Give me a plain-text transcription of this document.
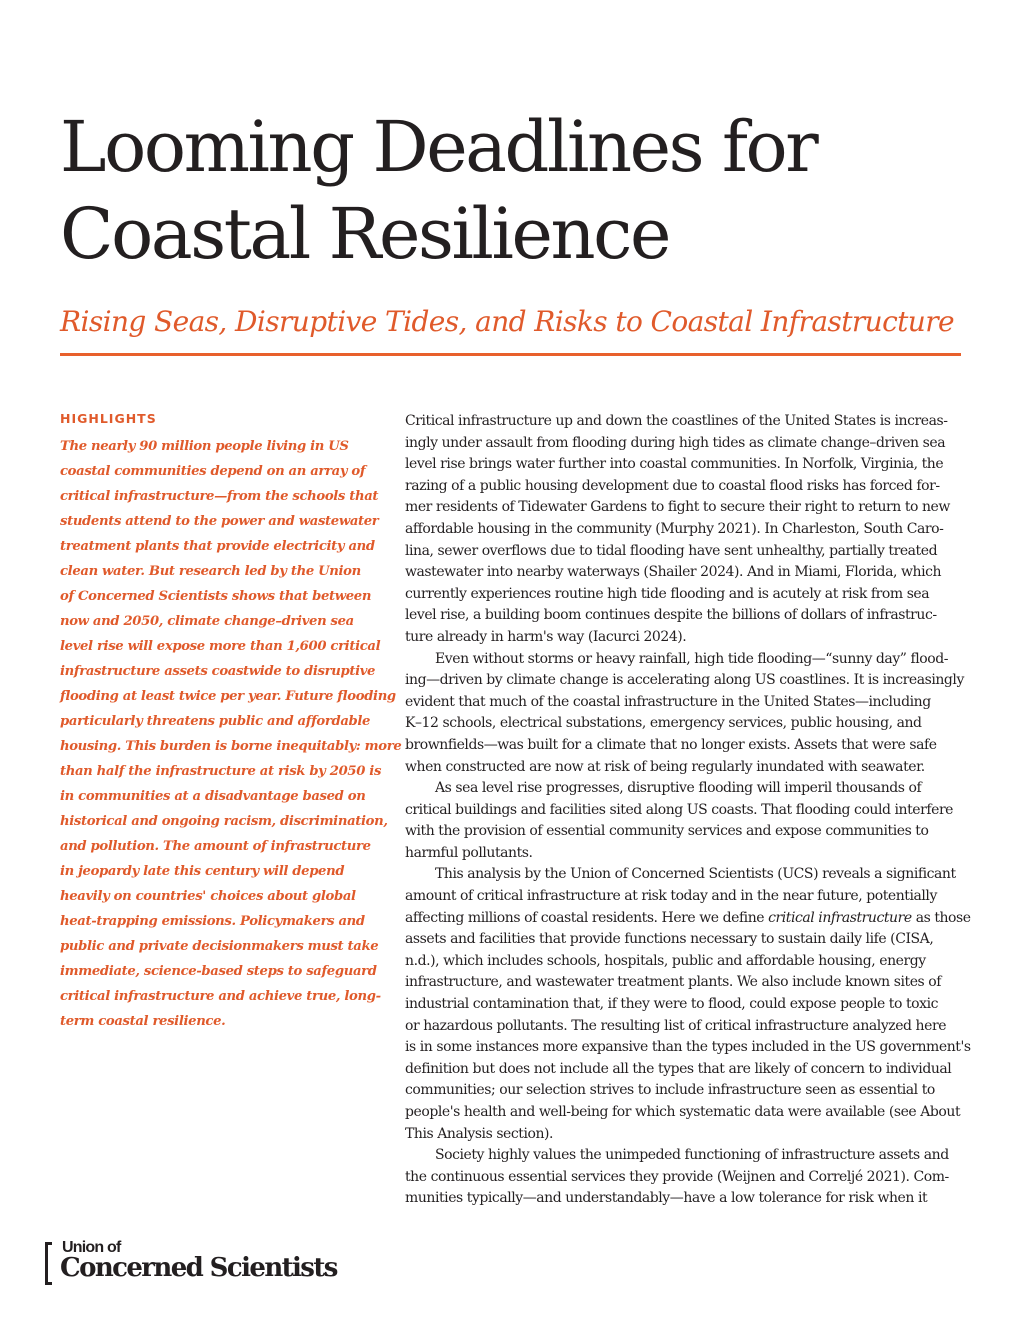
Looming Deadlines for
Coastal Resilience
Rising Seas, Disruptive Tides, and Risks to Coastal Infrastructure
HIGHLIGHTS
The nearly 90 million people living in US
coastal communities depend on an array of
critical infrastructure—from the schools that
students attend to the power and wastewater
treatment plants that provide electricity and
clean water. But research led by the Union
of Concerned Scientists shows that between
now and 2050, climate change–driven sea
level rise will expose more than 1,600 critical
infrastructure assets coastwide to disruptive
flooding at least twice per year. Future flooding
particularly threatens public and affordable
housing. This burden is borne inequitably: more
than half the infrastructure at risk by 2050 is
in communities at a disadvantage based on
historical and ongoing racism, discrimination,
and pollution. The amount of infrastructure
in jeopardy late this century will depend
heavily on countries' choices about global
heat-trapping emissions. Policymakers and
public and private decisionmakers must take
immediate, science-based steps to safeguard
critical infrastructure and achieve true, long-
term coastal resilience.
Critical infrastructure up and down the coastlines of the United States is increas-
ingly under assault from flooding during high tides as climate change–driven sea
level rise brings water further into coastal communities. In Norfolk, Virginia, the
razing of a public housing development due to coastal flood risks has forced for-
mer residents of Tidewater Gardens to fight to secure their right to return to new
affordable housing in the community (Murphy 2021). In Charleston, South Caro-
lina, sewer overflows due to tidal flooding have sent unhealthy, partially treated
wastewater into nearby waterways (Shailer 2024). And in Miami, Florida, which
currently experiences routine high tide flooding and is acutely at risk from sea
level rise, a building boom continues despite the billions of dollars of infrastruc-
ture already in harm's way (Iacurci 2024).
Even without storms or heavy rainfall, high tide flooding—“sunny day” flood-
ing—driven by climate change is accelerating along US coastlines. It is increasingly
evident that much of the coastal infrastructure in the United States—including
K–12 schools, electrical substations, emergency services, public housing, and
brownfields—was built for a climate that no longer exists. Assets that were safe
when constructed are now at risk of being regularly inundated with seawater.
As sea level rise progresses, disruptive flooding will imperil thousands of
critical buildings and facilities sited along US coasts. That flooding could interfere
with the provision of essential community services and expose communities to
harmful pollutants.
This analysis by the Union of Concerned Scientists (UCS) reveals a significant
amount of critical infrastructure at risk today and in the near future, potentially
affecting millions of coastal residents. Here we define critical infrastructure as those
assets and facilities that provide functions necessary to sustain daily life (CISA,
n.d.), which includes schools, hospitals, public and affordable housing, energy
infrastructure, and wastewater treatment plants. We also include known sites of
industrial contamination that, if they were to flood, could expose people to toxic
or hazardous pollutants. The resulting list of critical infrastructure analyzed here
is in some instances more expansive than the types included in the US government's
definition but does not include all the types that are likely of concern to individual
communities; our selection strives to include infrastructure seen as essential to
people's health and well-being for which systematic data were available (see About
This Analysis section).
Society highly values the unimpeded functioning of infrastructure assets and
the continuous essential services they provide (Weijnen and Correljé 2021). Com-
munities typically—and understandably—have a low tolerance for risk when it
Union of
Concerned Scientists
